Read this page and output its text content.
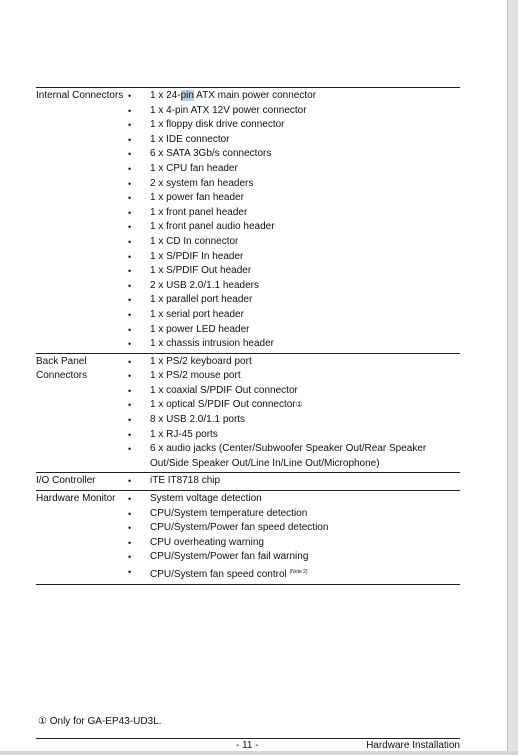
Internal Connectors •	1 x 24-pin ATX main power connector
•	1 x 4-pin ATX 12V power connector
•	1 x floppy disk drive connector
•	1 x IDE connector
•	6 x SATA 3Gb/s connectors
•	1 x CPU fan header
•	2 x system fan headers
•	1 x power fan header
•	1 x front panel header
•	1 x front panel audio header
•	1 x CD In connector
•	1 x S/PDIF In header
•	1 x S/PDIF Out header
•	2 x USB 2.0/1.1 headers
•	1 x parallel port header
•	1 x serial port header
•	1 x power LED header
•	1 x chassis intrusion header
Back Panel
Connectors
•	1 x PS/2 keyboard port
•	1 x PS/2 mouse port
•	1 x coaxial S/PDIF Out connector
•	1 x optical S/PDIF Out connector①
•	8 x USB 2.0/1.1 ports
•	1 x RJ-45 ports
•	6 x audio jacks (Center/Subwoofer Speaker Out/Rear Speaker Out/Side Speaker Out/Line In/Line Out/Microphone)
I/O Controller	•	iTE IT8718 chip
Hardware Monitor	•	System voltage detection
•	CPU/System temperature detection
•	CPU/System/Power fan speed detection
•	CPU overheating warning
•	CPU/System/Power fan fail warning
•	CPU/System fan speed control $^{(Note 2)}$
① Only for GA-EP43-UD3L.
- 11 -	Hardware Installation
